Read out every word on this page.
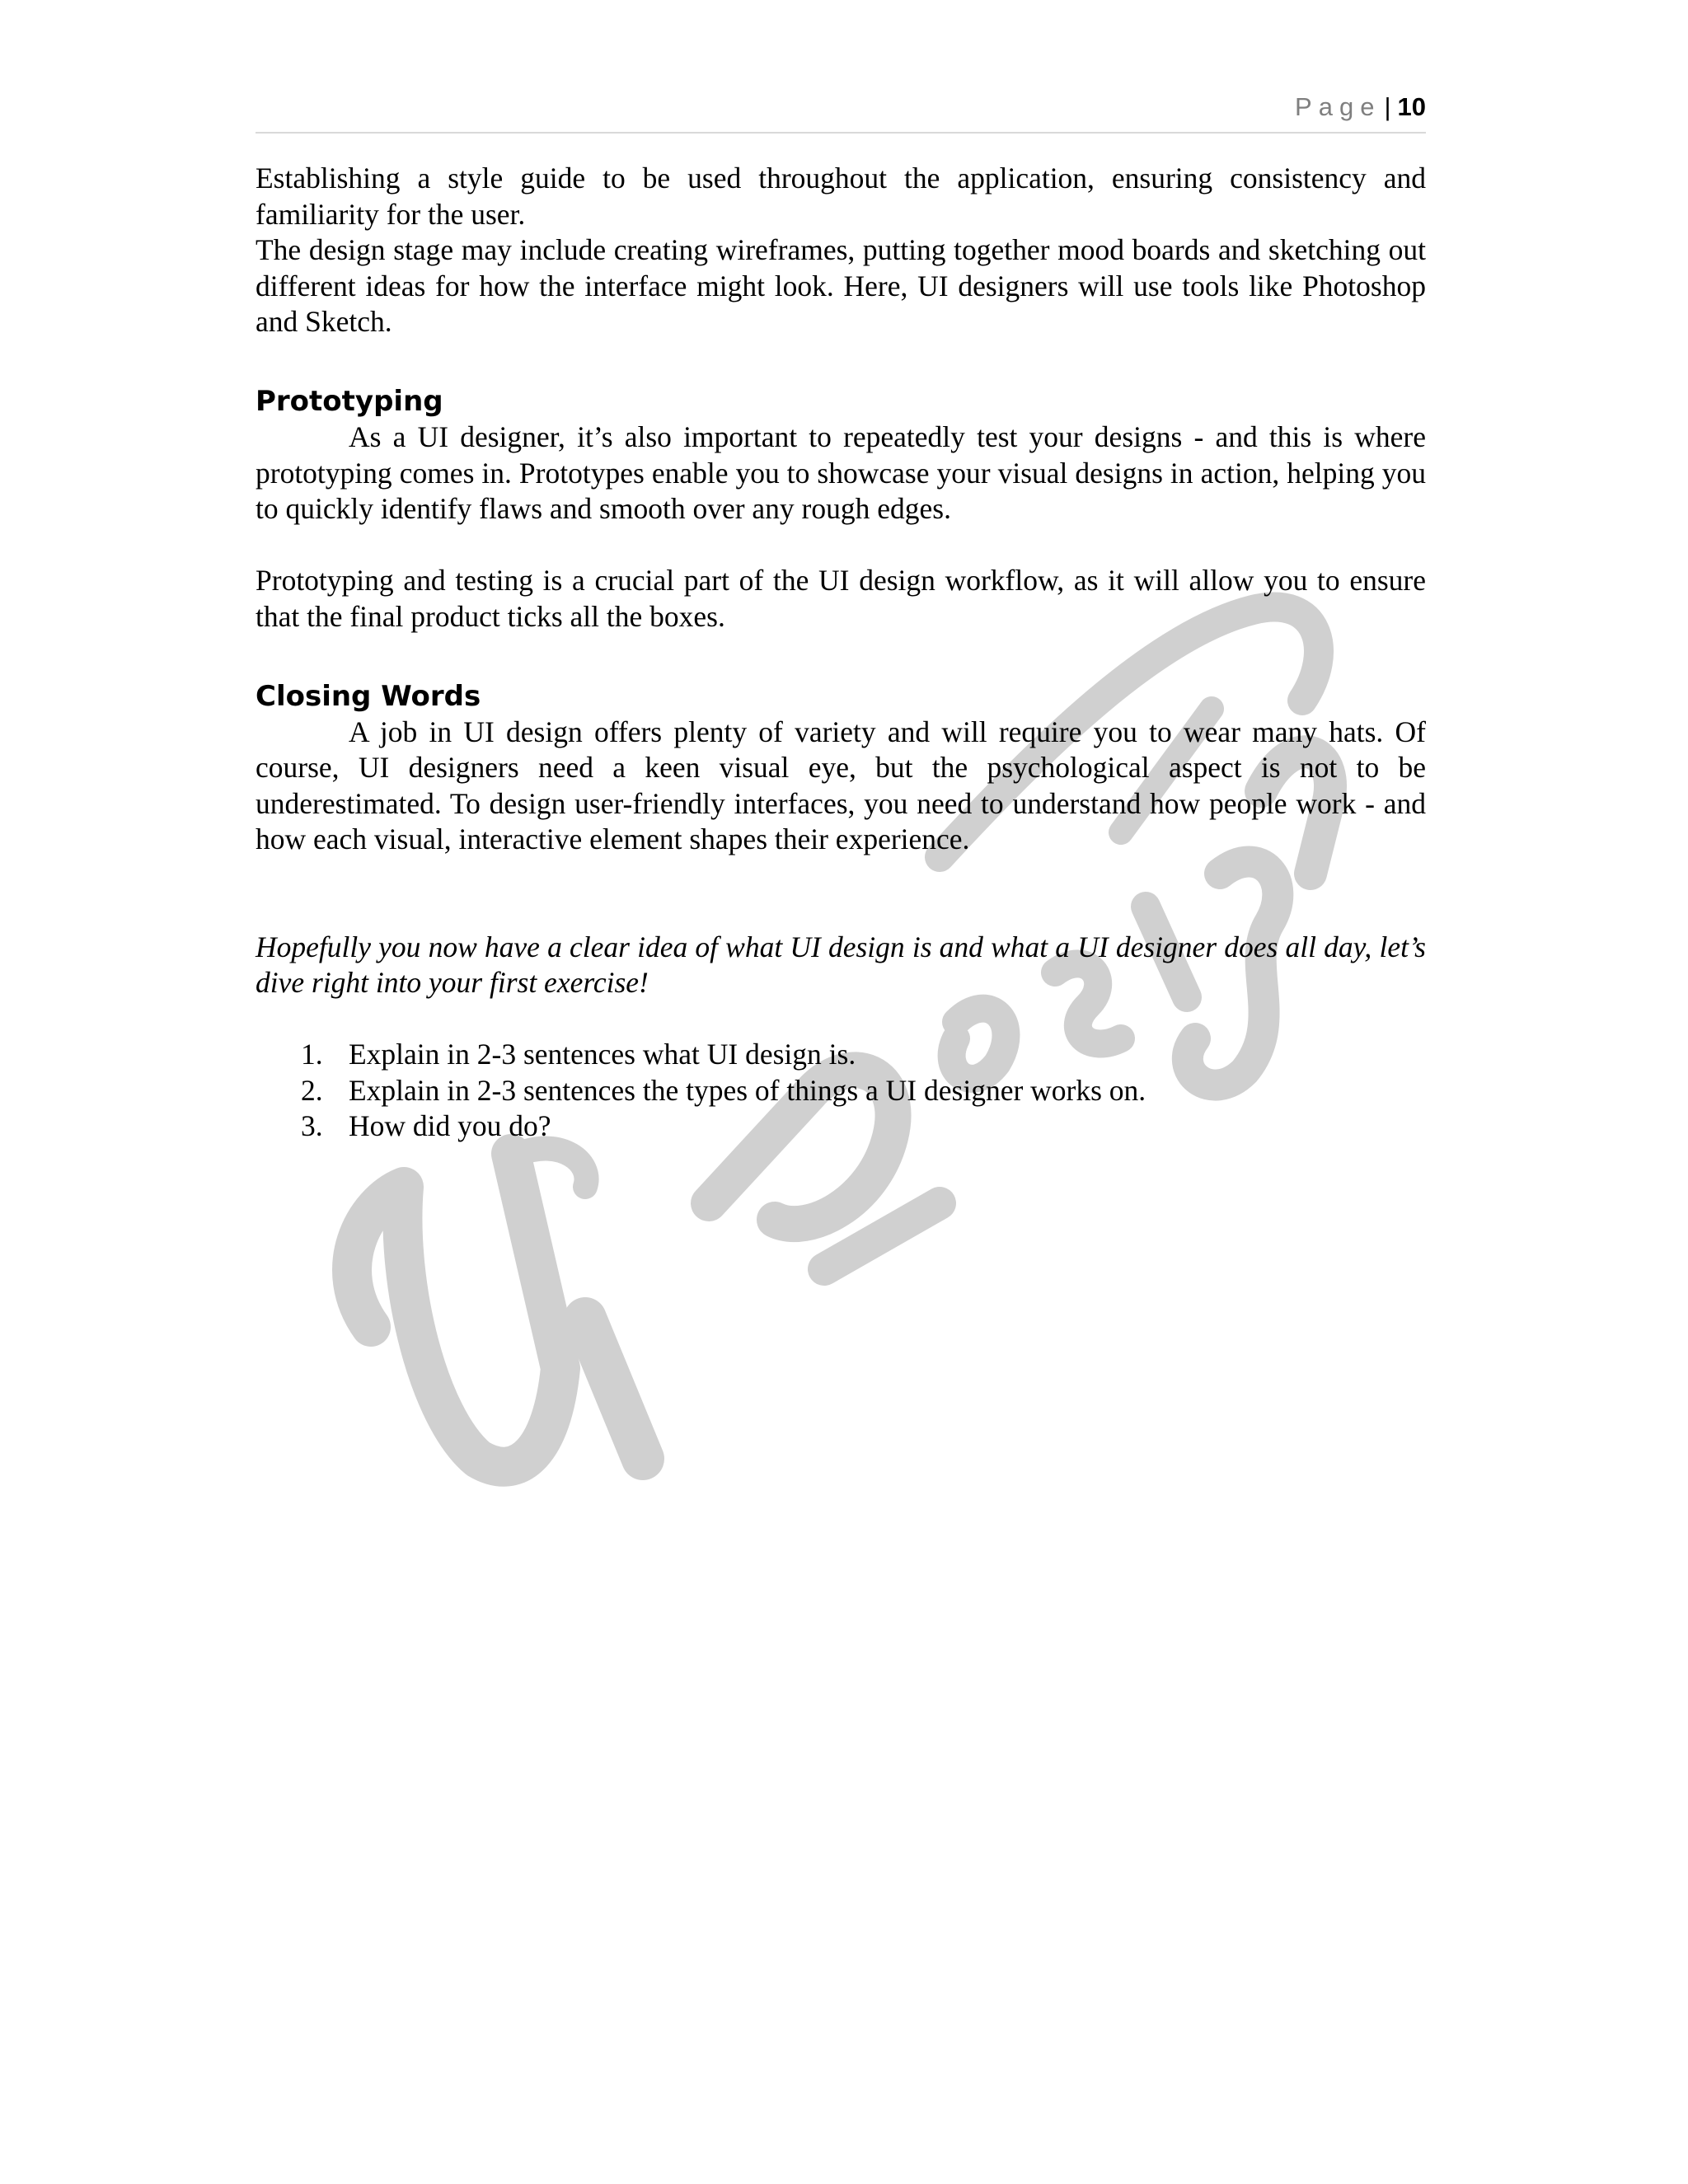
Page | 10

Establishing a style guide to be used throughout the application, ensuring consistency and familiarity for the user.

The design stage may include creating wireframes, putting together mood boards and sketching out different ideas for how the interface might look. Here, UI designers will use tools like Photoshop and Sketch.

Prototyping

As a UI designer, it’s also important to repeatedly test your designs - and this is where prototyping comes in. Prototypes enable you to showcase your visual designs in action, helping you to quickly identify flaws and smooth over any rough edges.

Prototyping and testing is a crucial part of the UI design workflow, as it will allow you to ensure that the final product ticks all the boxes.

Closing Words

A job in UI design offers plenty of variety and will require you to wear many hats. Of course, UI designers need a keen visual eye, but the psychological aspect is not to be underestimated. To design user-friendly interfaces, you need to understand how people work - and how each visual, interactive element shapes their experience.

Hopefully you now have a clear idea of what UI design is and what a UI designer does all day, let’s dive right into your first exercise!

1. Explain in 2-3 sentences what UI design is.
2. Explain in 2-3 sentences the types of things a UI designer works on.
3. How did you do?
